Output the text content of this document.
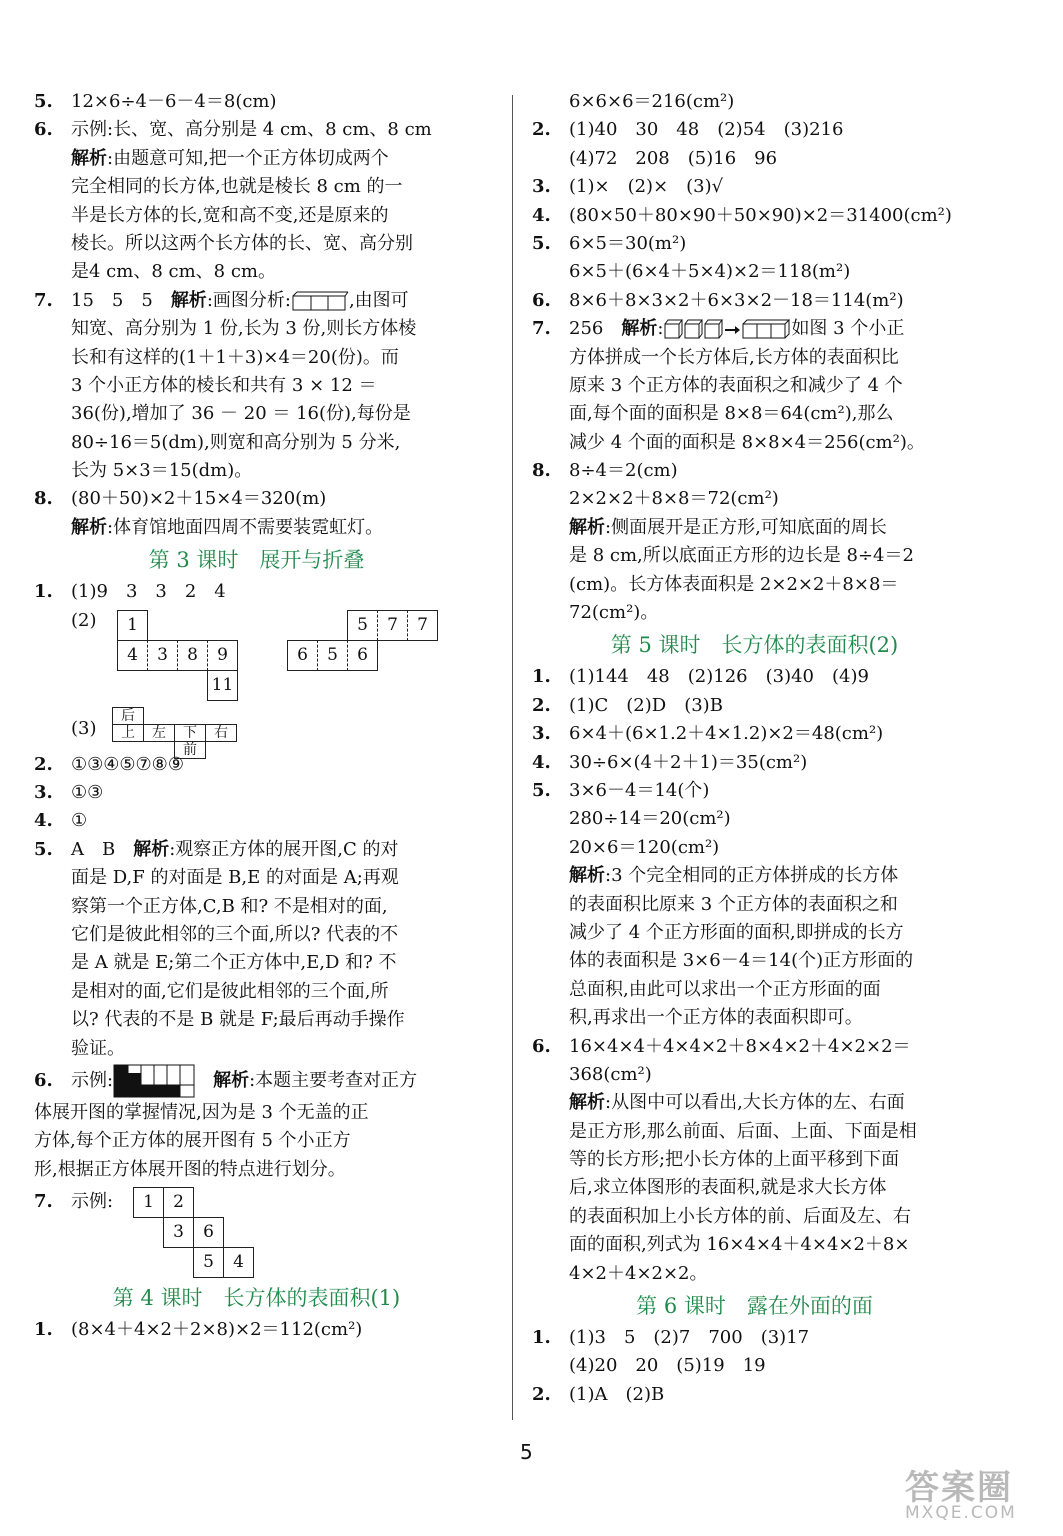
5. 12×6÷4－6－4＝8(cm)
6. 示例:长、宽、高分别是 4 cm、8 cm、8 cm
解析:由题意可知,把一个正方体切成两个
完全相同的长方体,也就是棱长 8 cm 的一
半是长方体的长,宽和高不变,还是原来的
棱长。所以这两个长方体的长、宽、高分别
是4 cm、8 cm、8 cm。
7. 15　5　5　 解析:画图分析:	,由图可
知宽、高分别为 1 份,长为 3 份,则长方体棱
长和有这样的(1＋1＋3)×4＝20(份)。而
3 个小正方体的棱长和共有 3 × 12 ＝
36(份),增加了 36 － 20 ＝ 16(份),每份是
80÷16＝5(dm),则宽和高分别为 5 分米,
长为 5×3＝15(dm)。
8. (80＋50)×2＋15×4＝320(m)
解析:体育馆地面四周不需要装霓虹灯。
第 3 课时　展开与折叠
1. (1)9　3　3　2　4
(2)	1
4	3	8	9
11
5	7	7
6	5	6
(3)
后
上	左	下	右
前
2. ①③④⑤⑦⑧⑨
3. ①③
4. ①
5. A　B　 解析:观察正方体的展开图,C 的对
面是 D,F 的对面是 B,E 的对面是 A;再观
察第一个正方体,C,B 和? 不是相对的面,
它们是彼此相邻的三个面,所以? 代表的不
是 A 就是 E;第二个正方体中,E,D 和? 不
是相对的面,它们是彼此相邻的三个面,所
以? 代表的不是 B 就是 F;最后再动手操作
验证。
6. 示例:　	解析:本题主要考查对正方
体展开图的掌握情况,因为是 3 个无盖的正
方体,每个正方体的展开图有 5 个小正方
形,根据正方体展开图的特点进行划分。
7. 示例:	1	2
3	6
5	4
第 4 课时　长方体的表面积(1)
1. (8×4＋4×2＋2×8)×2＝112(cm²)
6×6×6＝216(cm²)
2. (1)40　30　48　(2)54　(3)216
(4)72　208　(5)16　96
3. (1)×　(2)×　(3)√
4. (80×50＋80×90＋50×90)×2＝31400(cm²)
5. 6×5＝30(m²)
6×5＋(6×4＋5×4)×2＝118(m²)
6. 8×6＋8×3×2＋6×3×2－18＝114(m²)
7. 256　 解析:	如图 3 个小正
方体拼成一个长方体后,长方体的表面积比
原来 3 个正方体的表面积之和减少了 4 个
面,每个面的面积是 8×8＝64(cm²),那么
减少 4 个面的面积是 8×8×4＝256(cm²)。
8. 8÷4＝2(cm)
2×2×2＋8×8＝72(cm²)
解析:侧面展开是正方形,可知底面的周长
是 8 cm,所以底面正方形的边长是 8÷4＝2
(cm)。长方体表面积是 2×2×2＋8×8＝
72(cm²)。
第 5 课时　长方体的表面积(2)
1. (1)144　48　(2)126　(3)40　(4)9
2. (1)C　(2)D　(3)B
3. 6×4＋(6×1.2＋4×1.2)×2＝48(cm²)
4. 30÷6×(4＋2＋1)＝35(cm²)
5. 3×6－4＝14(个)
280÷14＝20(cm²)
20×6＝120(cm²)
解析:3 个完全相同的正方体拼成的长方体
的表面积比原来 3 个正方体的表面积之和
减少了 4 个正方形面的面积,即拼成的长方
体的表面积是 3×6－4＝14(个)正方形面的
总面积,由此可以求出一个正方形面的面
积,再求出一个正方体的表面积即可。
6. 16×4×4＋4×4×2＋8×4×2＋4×2×2＝
368(cm²)
解析:从图中可以看出,大长方体的左、右面
是正方形,那么前面、后面、上面、下面是相
等的长方形;把小长方体的上面平移到下面
后,求立体图形的表面积,就是求大长方体
的表面积加上小长方体的前、后面及左、右
面的面积,列式为 16×4×4＋4×4×2＋8×
4×2＋4×2×2。
第 6 课时　露在外面的面
1. (1)3　5　(2)7　700　(3)17
(4)20　20　(5)19　19
2. (1)A　(2)B
5
答案圈
MXQE.COM
